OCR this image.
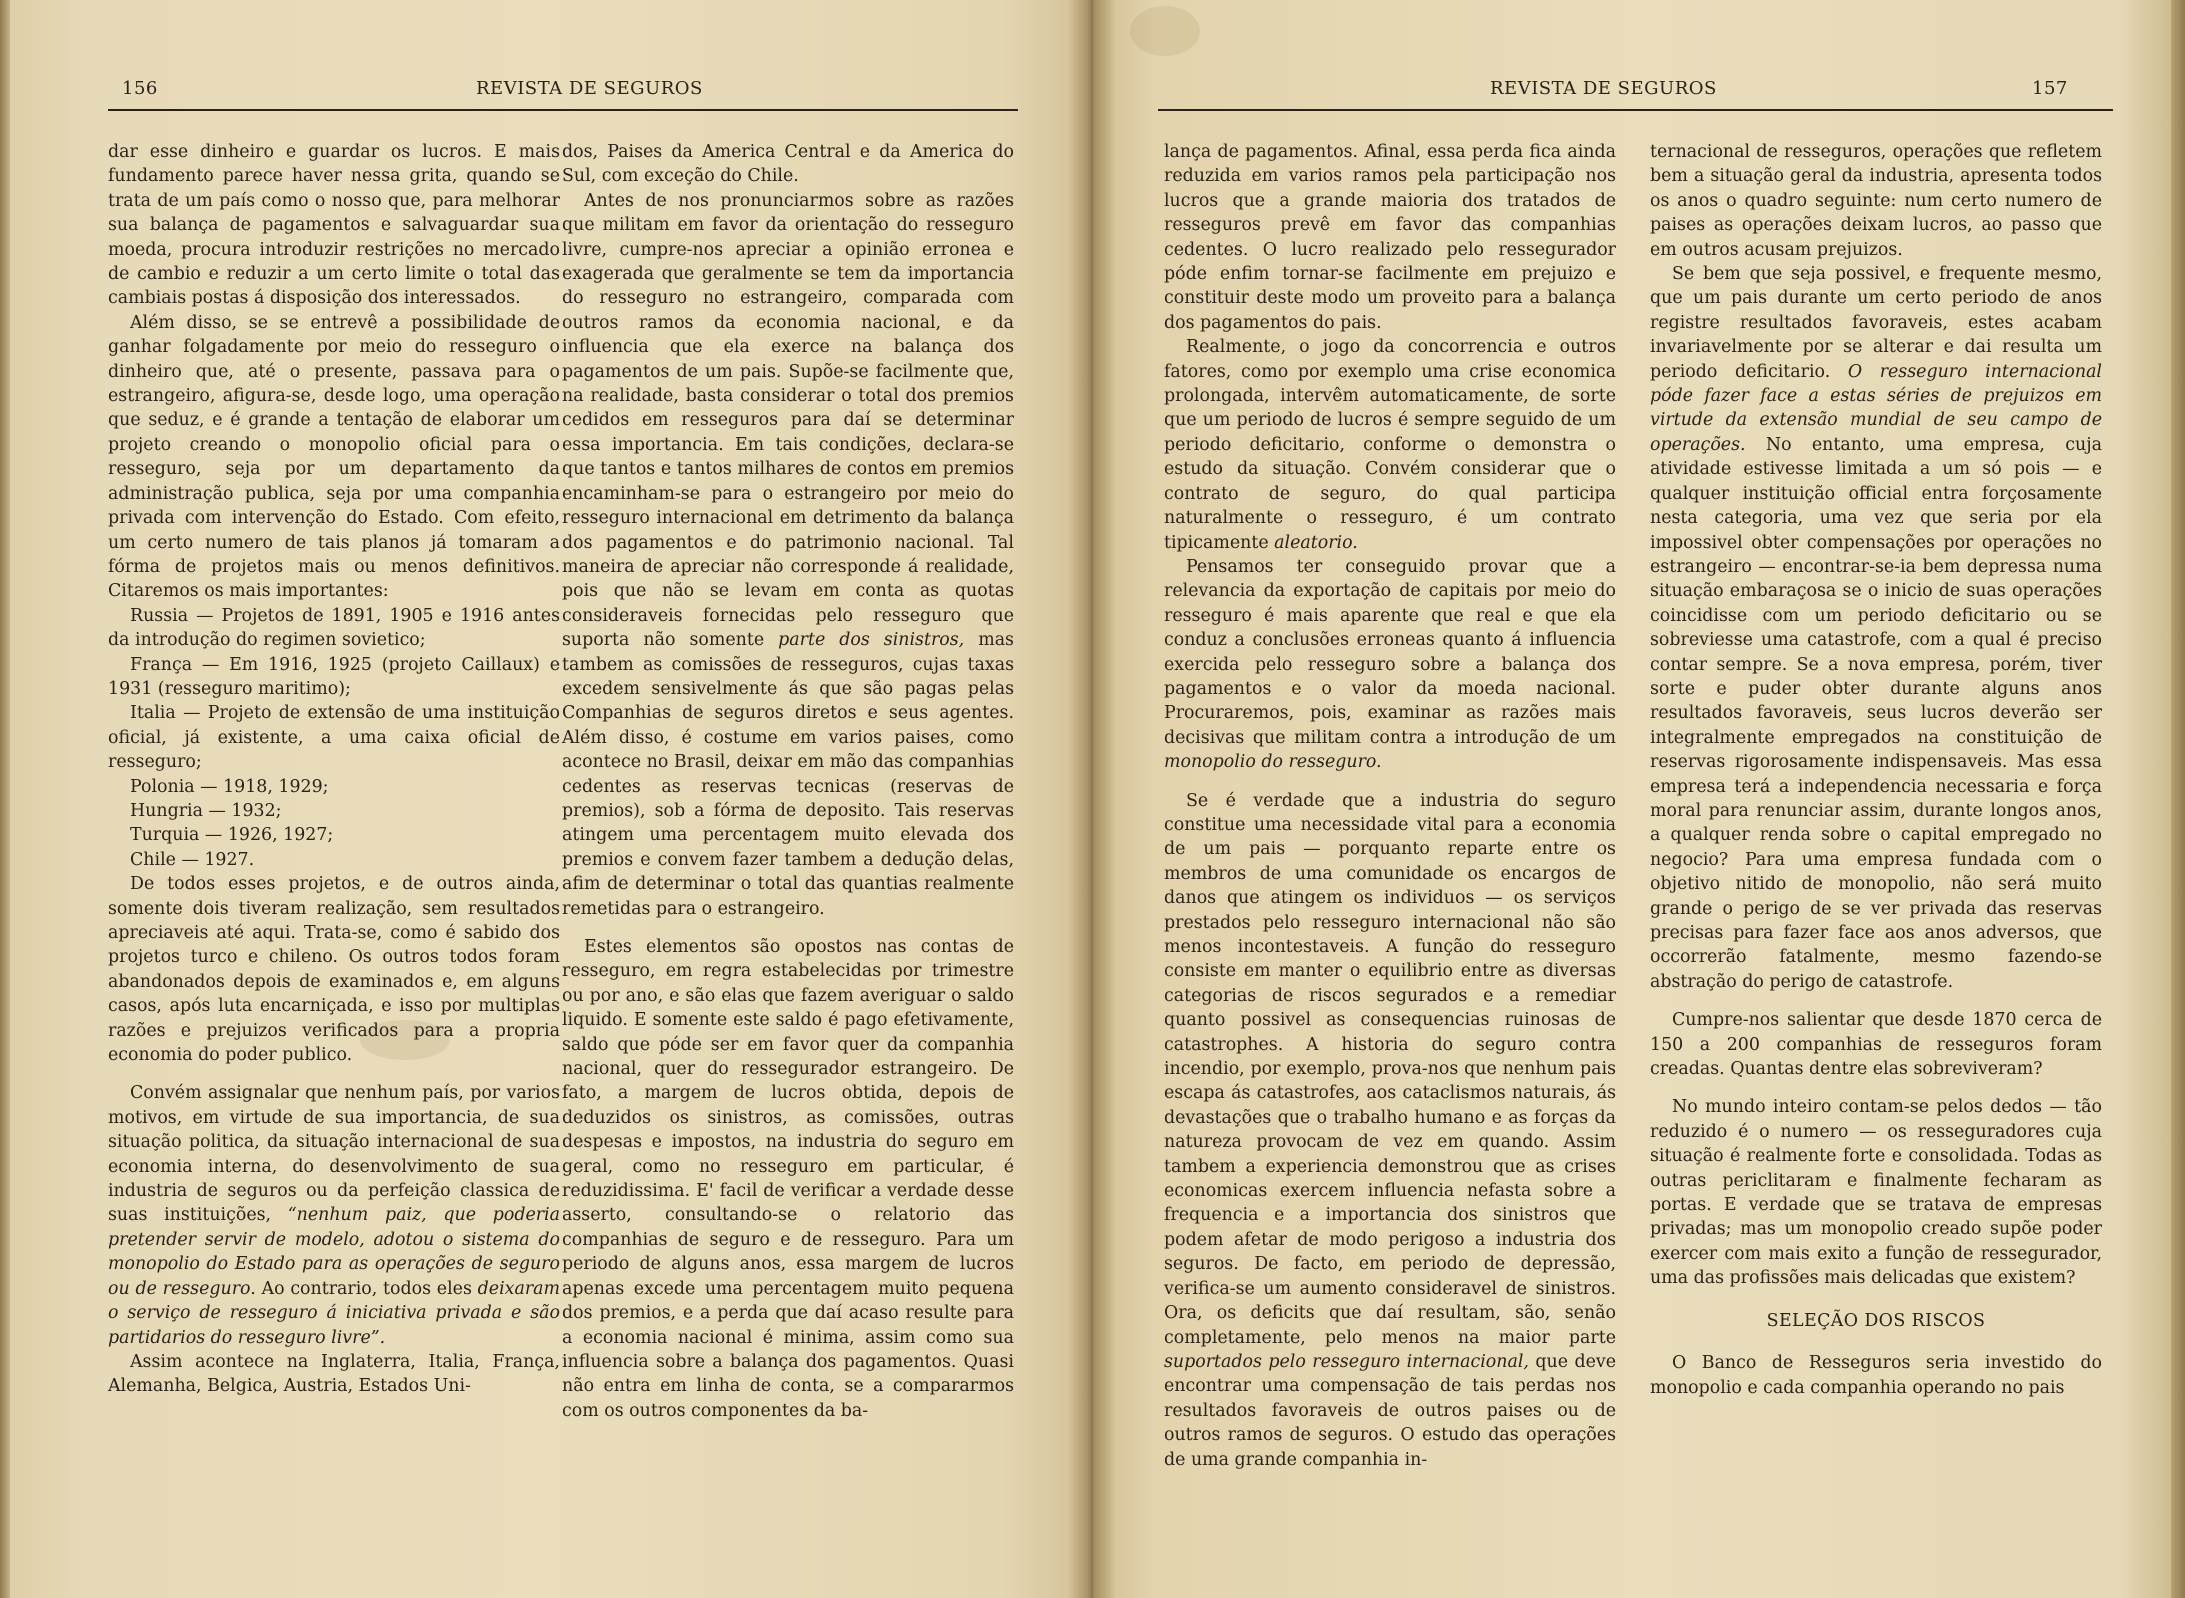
156	REVISTA DE SEGUROS

dar esse dinheiro e guardar os lucros. E mais fundamento parece haver nessa grita, quando se trata de um país como o nosso que, para melhorar sua balança de pagamentos e salvaguardar sua moeda, procura introduzir restrições no mercado de cambio e reduzir a um certo limite o total das cambiais postas á disposição dos interessados.

Além disso, se se entrevê a possibilidade de ganhar folgadamente por meio do resseguro o dinheiro que, até o presente, passava para o estrangeiro, afigura-se, desde logo, uma operação que seduz, e é grande a tentação de elaborar um projeto creando o monopolio oficial para o resseguro, seja por um departamento da administração publica, seja por uma companhia privada com intervenção do Estado. Com efeito, um certo numero de tais planos já tomaram a fórma de projetos mais ou menos definitivos. Citaremos os mais importantes:

Russia — Projetos de 1891, 1905 e 1916 antes da introdução do regimen sovietico;

França — Em 1916, 1925 (projeto Caillaux) e 1931 (resseguro maritimo);

Italia — Projeto de extensão de uma instituição oficial, já existente, a uma caixa oficial de resseguro;

Polonia — 1918, 1929;

Hungria — 1932;

Turquia — 1926, 1927;

Chile — 1927.

De todos esses projetos, e de outros ainda, somente dois tiveram realização, sem resultados apreciaveis até aqui. Trata-se, como é sabido dos projetos turco e chileno. Os outros todos foram abandonados depois de examinados e, em alguns casos, após luta encarniçada, e isso por multiplas razões e prejuizos verificados para a propria economia do poder publico.

Convém assignalar que nenhum país, por varios motivos, em virtude de sua importancia, de sua situação politica, da situação internacional de sua economia interna, do desenvolvimento de sua industria de seguros ou da perfeição classica de suas instituições, “nenhum paiz, que poderia pretender servir de modelo, adotou o sistema do monopolio do Estado para as operações de seguro ou de resseguro. Ao contrario, todos eles deixaram o serviço de resseguro á iniciativa privada e são partidarios do resseguro livre”.

Assim acontece na Inglaterra, Italia, França, Alemanha, Belgica, Austria, Estados Uni-

dos, Paises da America Central e da America do Sul, com exceção do Chile.

Antes de nos pronunciarmos sobre as razões que militam em favor da orientação do resseguro livre, cumpre-nos apreciar a opinião erronea e exagerada que geralmente se tem da importancia do resseguro no estrangeiro, comparada com outros ramos da economia nacional, e da influencia que ela exerce na balança dos pagamentos de um pais. Supõe-se facilmente que, na realidade, basta considerar o total dos premios cedidos em resseguros para daí se determinar essa importancia. Em tais condições, declara-se que tantos e tantos milhares de contos em premios encaminham-se para o estrangeiro por meio do resseguro internacional em detrimento da balança dos pagamentos e do patrimonio nacional. Tal maneira de apreciar não corresponde á realidade, pois que não se levam em conta as quotas consideraveis fornecidas pelo resseguro que suporta não somente parte dos sinistros, mas tambem as comissões de resseguros, cujas taxas excedem sensivelmente ás que são pagas pelas Companhias de seguros diretos e seus agentes. Além disso, é costume em varios paises, como acontece no Brasil, deixar em mão das companhias cedentes as reservas tecnicas (reservas de premios), sob a fórma de deposito. Tais reservas atingem uma percentagem muito elevada dos premios e convem fazer tambem a dedução delas, afim de determinar o total das quantias realmente remetidas para o estrangeiro.

Estes elementos são opostos nas contas de resseguro, em regra estabelecidas por trimestre ou por ano, e são elas que fazem averiguar o saldo liquido. E somente este saldo é pago efetivamente, saldo que póde ser em favor quer da companhia nacional, quer do ressegurador estrangeiro. De fato, a margem de lucros obtida, depois de deduzidos os sinistros, as comissões, outras despesas e impostos, na industria do seguro em geral, como no resseguro em particular, é reduzidissima. E' facil de verificar a verdade desse asserto, consultando-se o relatorio das companhias de seguro e de resseguro. Para um periodo de alguns anos, essa margem de lucros apenas excede uma percentagem muito pequena dos premios, e a perda que daí acaso resulte para a economia nacional é minima, assim como sua influencia sobre a balança dos pagamentos. Quasi não entra em linha de conta, se a compararmos com os outros componentes da ba-

REVISTA DE SEGUROS	157

lança de pagamentos. Afinal, essa perda fica ainda reduzida em varios ramos pela participação nos lucros que a grande maioria dos tratados de resseguros prevê em favor das companhias cedentes. O lucro realizado pelo ressegurador póde enfim tornar-se facilmente em prejuizo e constituir deste modo um proveito para a balança dos pagamentos do pais.

Realmente, o jogo da concorrencia e outros fatores, como por exemplo uma crise economica prolongada, intervêm automaticamente, de sorte que um periodo de lucros é sempre seguido de um periodo deficitario, conforme o demonstra o estudo da situação. Convém considerar que o contrato de seguro, do qual participa naturalmente o resseguro, é um contrato tipicamente aleatorio.

Pensamos ter conseguido provar que a relevancia da exportação de capitais por meio do resseguro é mais aparente que real e que ela conduz a conclusões erroneas quanto á influencia exercida pelo resseguro sobre a balança dos pagamentos e o valor da moeda nacional. Procuraremos, pois, examinar as razões mais decisivas que militam contra a introdução de um monopolio do resseguro.

Se é verdade que a industria do seguro constitue uma necessidade vital para a economia de um pais — porquanto reparte entre os membros de uma comunidade os encargos de danos que atingem os individuos — os serviços prestados pelo resseguro internacional não são menos incontestaveis. A função do resseguro consiste em manter o equilibrio entre as diversas categorias de riscos segurados e a remediar quanto possivel as consequencias ruinosas de catastrophes. A historia do seguro contra incendio, por exemplo, prova-nos que nenhum pais escapa ás catastrofes, aos cataclismos naturais, ás devastações que o trabalho humano e as forças da natureza provocam de vez em quando. Assim tambem a experiencia demonstrou que as crises economicas exercem influencia nefasta sobre a frequencia e a importancia dos sinistros que podem afetar de modo perigoso a industria dos seguros. De facto, em periodo de depressão, verifica-se um aumento consideravel de sinistros. Ora, os deficits que daí resultam, são, senão completamente, pelo menos na maior parte suportados pelo resseguro internacional, que deve encontrar uma compensação de tais perdas nos resultados favoraveis de outros paises ou de outros ramos de seguros. O estudo das operações de uma grande companhia in-

ternacional de resseguros, operações que refletem bem a situação geral da industria, apresenta todos os anos o quadro seguinte: num certo numero de paises as operações deixam lucros, ao passo que em outros acusam prejuizos.

Se bem que seja possivel, e frequente mesmo, que um pais durante um certo periodo de anos registre resultados favoraveis, estes acabam invariavelmente por se alterar e dai resulta um periodo deficitario. O resseguro internacional póde fazer face a estas séries de prejuizos em virtude da extensão mundial de seu campo de operações. No entanto, uma empresa, cuja atividade estivesse limitada a um só pois — e qualquer instituição official entra forçosamente nesta categoria, uma vez que seria por ela impossivel obter compensações por operações no estrangeiro — encontrar-se-ia bem depressa numa situação embaraçosa se o inicio de suas operações coincidisse com um periodo deficitario ou se sobreviesse uma catastrofe, com a qual é preciso contar sempre. Se a nova empresa, porém, tiver sorte e puder obter durante alguns anos resultados favoraveis, seus lucros deverão ser integralmente empregados na constituição de reservas rigorosamente indispensaveis. Mas essa empresa terá a independencia necessaria e força moral para renunciar assim, durante longos anos, a qualquer renda sobre o capital empregado no negocio? Para uma empresa fundada com o objetivo nitido de monopolio, não será muito grande o perigo de se ver privada das reservas precisas para fazer face aos anos adversos, que occorrerão fatalmente, mesmo fazendo-se abstração do perigo de catastrofe.

Cumpre-nos salientar que desde 1870 cerca de 150 a 200 companhias de resseguros foram creadas. Quantas dentre elas sobreviveram?

No mundo inteiro contam-se pelos dedos — tão reduzido é o numero — os resseguradores cuja situação é realmente forte e consolidada. Todas as outras periclitaram e finalmente fecharam as portas. E verdade que se tratava de empresas privadas; mas um monopolio creado supõe poder exercer com mais exito a função de ressegurador, uma das profissões mais delicadas que existem?

SELEÇÃO DOS RISCOS

O Banco de Resseguros seria investido do monopolio e cada companhia operando no pais
